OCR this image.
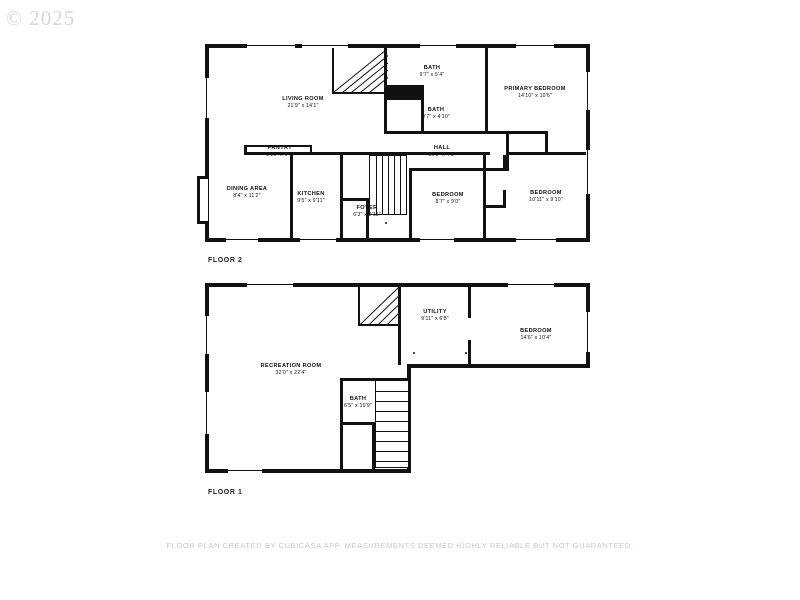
© 2025
LIVING ROOM
21'9" x 14'1"
BATH
9'7" x 5'4"
BATH
9'7" x 4'10"
PRIMARY BEDROOM
14'10" x 10'6"
PANTRY
5'10" x 1'7"
HALL
16'1" x 4'3"
DINING AREA
8'4" x 11'2"	KITCHEN
9'5" x 9'11"
FOYER
6'3" x 2'11"
BEDROOM
8'7" x 9'0"
BEDROOM
10'11" x 9'10"
FLOOR 2
UTILITY
9'11" x 6'8"
BEDROOM
14'6" x 10'4"
RECREATION ROOM
32'0" x 22'4"
BATH
6'5" x 10'9"
FLOOR 1
FLOOR PLAN CREATED BY CUBICASA APP. MEASUREMENTS DEEMED HIGHLY RELIABLE BUT NOT GUARANTEED.
